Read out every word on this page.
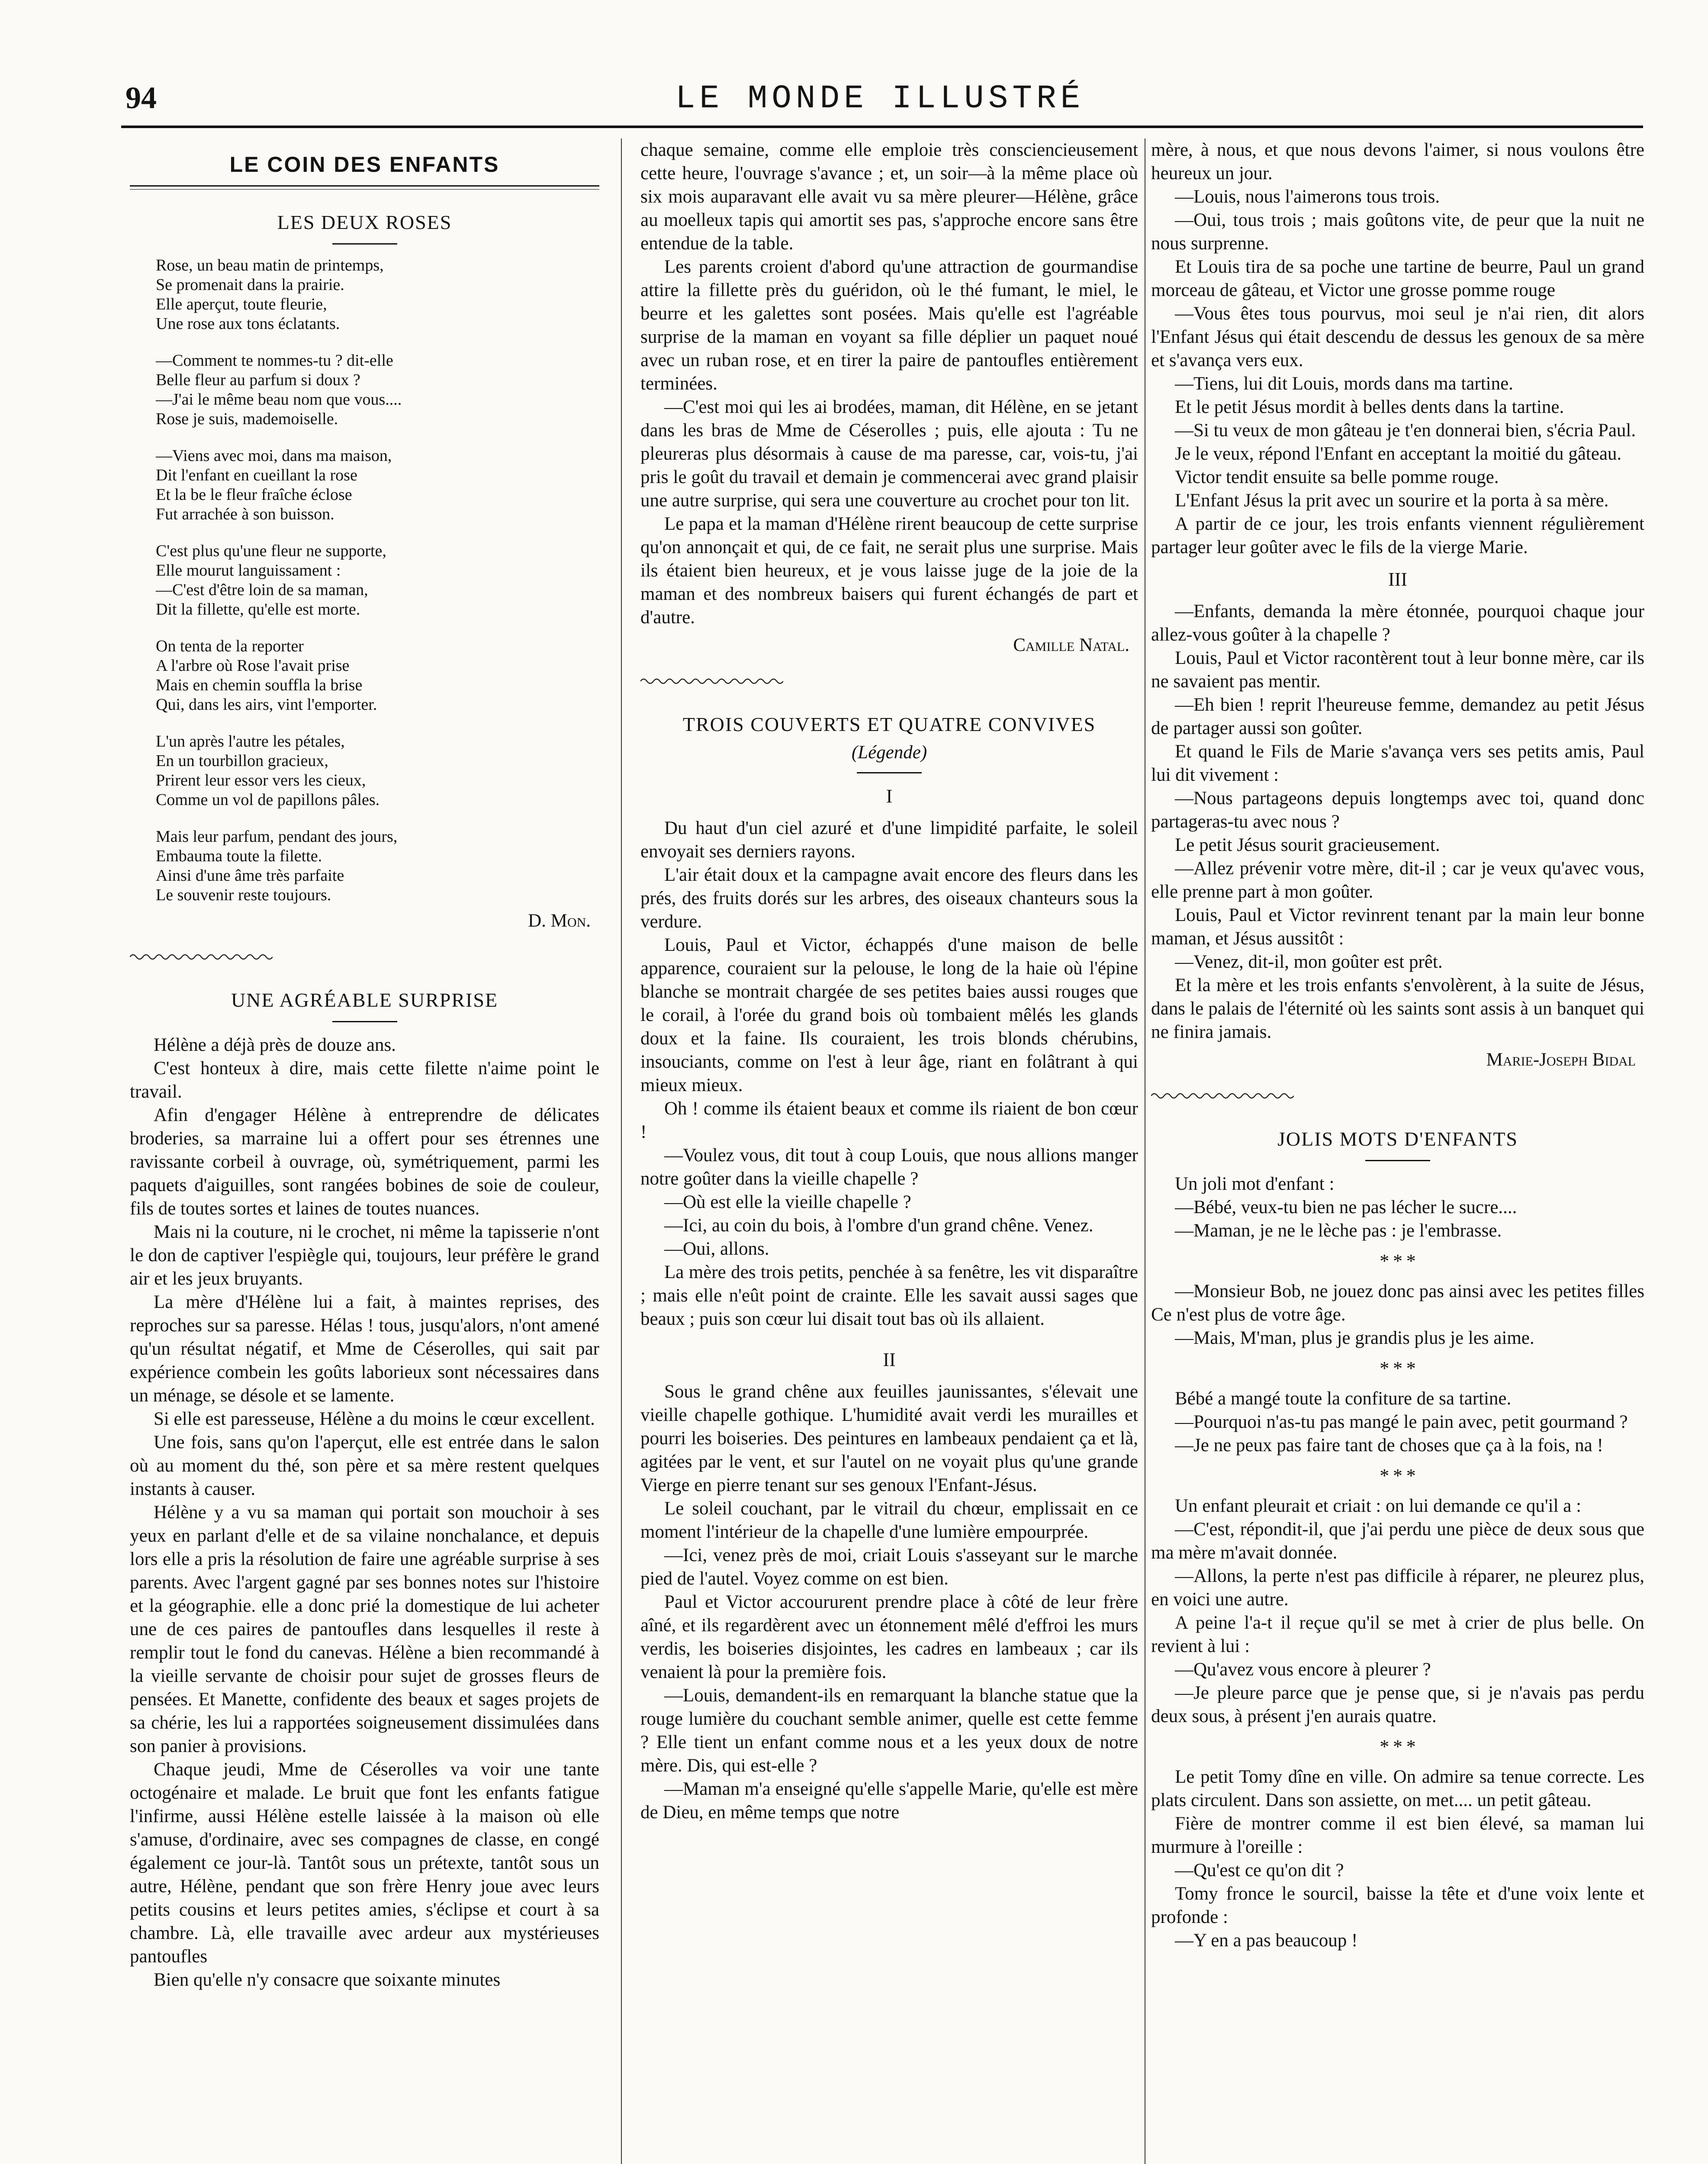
94	LE MONDE ILLUSTRÉ
LE COIN DES ENFANTS
LES DEUX ROSES
Rose, un beau matin de printemps,
Se promenait dans la prairie.
Elle aperçut, toute fleurie,
Une rose aux tons éclatants.
—Comment te nommes-tu ? dit-elle
Belle fleur au parfum si doux ?
—J'ai le même beau nom que vous....
Rose je suis, mademoiselle.
—Viens avec moi, dans ma maison,
Dit l'enfant en cueillant la rose
Et la be le fleur fraîche éclose
Fut arrachée à son buisson.
C'est plus qu'une fleur ne supporte,
Elle mourut languissament :
—C'est d'être loin de sa maman,
Dit la fillette, qu'elle est morte.
On tenta de la reporter
A l'arbre où Rose l'avait prise
Mais en chemin souffla la brise
Qui, dans les airs, vint l'emporter.
L'un après l'autre les pétales,
En un tourbillon gracieux,
Prirent leur essor vers les cieux,
Comme un vol de papillons pâles.
Mais leur parfum, pendant des jours,
Embauma toute la filette.
Ainsi d'une âme très parfaite
Le souvenir reste toujours.
D. Mon.
UNE AGRÉABLE SURPRISE

Hélène a déjà près de douze ans.

C'est honteux à dire, mais cette filette n'aime point le travail.

Afin d'engager Hélène à entreprendre de délicates broderies, sa marraine lui a offert pour ses étrennes une ravissante corbeil à ouvrage, où, symétriquement, parmi les paquets d'aiguilles, sont rangées bobines de soie de couleur, fils de toutes sortes et laines de toutes nuances.

Mais ni la couture, ni le crochet, ni même la tapisserie n'ont le don de captiver l'espiègle qui, toujours, leur préfère le grand air et les jeux bruyants.

La mère d'Hélène lui a fait, à maintes reprises, des reproches sur sa paresse. Hélas ! tous, jusqu'alors, n'ont amené qu'un résultat négatif, et Mme de Céserolles, qui sait par expérience combein les goûts laborieux sont nécessaires dans un ménage, se désole et se lamente.

Si elle est paresseuse, Hélène a du moins le cœur excellent.

Une fois, sans qu'on l'aperçut, elle est entrée dans le salon où au moment du thé, son père et sa mère restent quelques instants à causer.

Hélène y a vu sa maman qui portait son mouchoir à ses yeux en parlant d'elle et de sa vilaine nonchalance, et depuis lors elle a pris la résolution de faire une agréable surprise à ses parents. Avec l'argent gagné par ses bonnes notes sur l'histoire et la géographie. elle a donc prié la domestique de lui acheter une de ces paires de pantoufles dans lesquelles il reste à remplir tout le fond du canevas. Hélène a bien recommandé à la vieille servante de choisir pour sujet de grosses fleurs de pensées. Et Manette, confidente des beaux et sages projets de sa chérie, les lui a rapportées soigneusement dissimulées dans son panier à provisions.

Chaque jeudi, Mme de Céserolles va voir une tante octogénaire et malade. Le bruit que font les enfants fatigue l'infirme, aussi Hélène estelle laissée à la maison où elle s'amuse, d'ordinaire, avec ses compagnes de classe, en congé également ce jour-là. Tantôt sous un prétexte, tantôt sous un autre, Hélène, pendant que son frère Henry joue avec leurs petits cousins et leurs petites amies, s'éclipse et court à sa chambre. Là, elle travaille avec ardeur aux mystérieuses pantoufles

Bien qu'elle n'y consacre que soixante minutes

chaque semaine, comme elle emploie très consciencieusement cette heure, l'ouvrage s'avance ; et, un soir—à la même place où six mois auparavant elle avait vu sa mère pleurer—Hélène, grâce au moelleux tapis qui amortit ses pas, s'approche encore sans être entendue de la table.

Les parents croient d'abord qu'une attraction de gourmandise attire la fillette près du guéridon, où le thé fumant, le miel, le beurre et les galettes sont posées. Mais qu'elle est l'agréable surprise de la maman en voyant sa fille déplier un paquet noué avec un ruban rose, et en tirer la paire de pantoufles entièrement terminées.

—C'est moi qui les ai brodées, maman, dit Hélène, en se jetant dans les bras de Mme de Céserolles ; puis, elle ajouta : Tu ne pleureras plus désormais à cause de ma paresse, car, vois-tu, j'ai pris le goût du travail et demain je commencerai avec grand plaisir une autre surprise, qui sera une couverture au crochet pour ton lit.

Le papa et la maman d'Hélène rirent beaucoup de cette surprise qu'on annonçait et qui, de ce fait, ne serait plus une surprise. Mais ils étaient bien heureux, et je vous laisse juge de la joie de la maman et des nombreux baisers qui furent échangés de part et d'autre.

Camille Natal.
TROIS COUVERTS ET QUATRE CONVIVES
(Légende)
I

Du haut d'un ciel azuré et d'une limpidité parfaite, le soleil envoyait ses derniers rayons.

L'air était doux et la campagne avait encore des fleurs dans les prés, des fruits dorés sur les arbres, des oiseaux chanteurs sous la verdure.

Louis, Paul et Victor, échappés d'une maison de belle apparence, couraient sur la pelouse, le long de la haie où l'épine blanche se montrait chargée de ses petites baies aussi rouges que le corail, à l'orée du grand bois où tombaient mêlés les glands doux et la faine. Ils couraient, les trois blonds chérubins, insouciants, comme on l'est à leur âge, riant en folâtrant à qui mieux mieux.

Oh ! comme ils étaient beaux et comme ils riaient de bon cœur !

—Voulez vous, dit tout à coup Louis, que nous allions manger notre goûter dans la vieille chapelle ?

—Où est elle la vieille chapelle ?

—Ici, au coin du bois, à l'ombre d'un grand chêne. Venez.

—Oui, allons.

La mère des trois petits, penchée à sa fenêtre, les vit disparaître ; mais elle n'eût point de crainte. Elle les savait aussi sages que beaux ; puis son cœur lui disait tout bas où ils allaient.

II

Sous le grand chêne aux feuilles jaunissantes, s'élevait une vieille chapelle gothique. L'humidité avait verdi les murailles et pourri les boiseries. Des peintures en lambeaux pendaient ça et là, agitées par le vent, et sur l'autel on ne voyait plus qu'une grande Vierge en pierre tenant sur ses genoux l'Enfant-Jésus.

Le soleil couchant, par le vitrail du chœur, emplissait en ce moment l'intérieur de la chapelle d'une lumière empourprée.

—Ici, venez près de moi, criait Louis s'asseyant sur le marche pied de l'autel. Voyez comme on est bien.

Paul et Victor accoururent prendre place à côté de leur frère aîné, et ils regardèrent avec un étonnement mêlé d'effroi les murs verdis, les boiseries disjointes, les cadres en lambeaux ; car ils venaient là pour la première fois.

—Louis, demandent-ils en remarquant la blanche statue que la rouge lumière du couchant semble animer, quelle est cette femme ? Elle tient un enfant comme nous et a les yeux doux de notre mère. Dis, qui est-elle ?

—Maman m'a enseigné qu'elle s'appelle Marie, qu'elle est mère de Dieu, en même temps que notre

mère, à nous, et que nous devons l'aimer, si nous voulons être heureux un jour.

—Louis, nous l'aimerons tous trois.

—Oui, tous trois ; mais goûtons vite, de peur que la nuit ne nous surprenne.

Et Louis tira de sa poche une tartine de beurre, Paul un grand morceau de gâteau, et Victor une grosse pomme rouge

—Vous êtes tous pourvus, moi seul je n'ai rien, dit alors l'Enfant Jésus qui était descendu de dessus les genoux de sa mère et s'avança vers eux.

—Tiens, lui dit Louis, mords dans ma tartine.

Et le petit Jésus mordit à belles dents dans la tartine.

—Si tu veux de mon gâteau je t'en donnerai bien, s'écria Paul.

Je le veux, répond l'Enfant en acceptant la moitié du gâteau.

Victor tendit ensuite sa belle pomme rouge.

L'Enfant Jésus la prit avec un sourire et la porta à sa mère.

A partir de ce jour, les trois enfants viennent régulièrement partager leur goûter avec le fils de la vierge Marie.

III

—Enfants, demanda la mère étonnée, pourquoi chaque jour allez-vous goûter à la chapelle ?

Louis, Paul et Victor racontèrent tout à leur bonne mère, car ils ne savaient pas mentir.

—Eh bien ! reprit l'heureuse femme, demandez au petit Jésus de partager aussi son goûter.

Et quand le Fils de Marie s'avança vers ses petits amis, Paul lui dit vivement :

—Nous partageons depuis longtemps avec toi, quand donc partageras-tu avec nous ?

Le petit Jésus sourit gracieusement.

—Allez prévenir votre mère, dit-il ; car je veux qu'avec vous, elle prenne part à mon goûter.

Louis, Paul et Victor revinrent tenant par la main leur bonne maman, et Jésus aussitôt :

—Venez, dit-il, mon goûter est prêt.

Et la mère et les trois enfants s'envolèrent, à la suite de Jésus, dans le palais de l'éternité où les saints sont assis à un banquet qui ne finira jamais.

Marie-Joseph Bidal
JOLIS MOTS D'ENFANTS

Un joli mot d'enfant :

—Bébé, veux-tu bien ne pas lécher le sucre....

—Maman, je ne le lèche pas : je l'embrasse.

* * *

—Monsieur Bob, ne jouez donc pas ainsi avec les petites filles Ce n'est plus de votre âge.

—Mais, M'man, plus je grandis plus je les aime.

* * *

Bébé a mangé toute la confiture de sa tartine.

—Pourquoi n'as-tu pas mangé le pain avec, petit gourmand ?

—Je ne peux pas faire tant de choses que ça à la fois, na !

* * *

Un enfant pleurait et criait : on lui demande ce qu'il a :

—C'est, répondit-il, que j'ai perdu une pièce de deux sous que ma mère m'avait donnée.

—Allons, la perte n'est pas difficile à réparer, ne pleurez plus, en voici une autre.

A peine l'a-t il reçue qu'il se met à crier de plus belle. On revient à lui :

—Qu'avez vous encore à pleurer ?

—Je pleure parce que je pense que, si je n'avais pas perdu deux sous, à présent j'en aurais quatre.

* * *

Le petit Tomy dîne en ville. On admire sa tenue correcte. Les plats circulent. Dans son assiette, on met.... un petit gâteau.

Fière de montrer comme il est bien élevé, sa maman lui murmure à l'oreille :

—Qu'est ce qu'on dit ?

Tomy fronce le sourcil, baisse la tête et d'une voix lente et profonde :

—Y en a pas beaucoup !
